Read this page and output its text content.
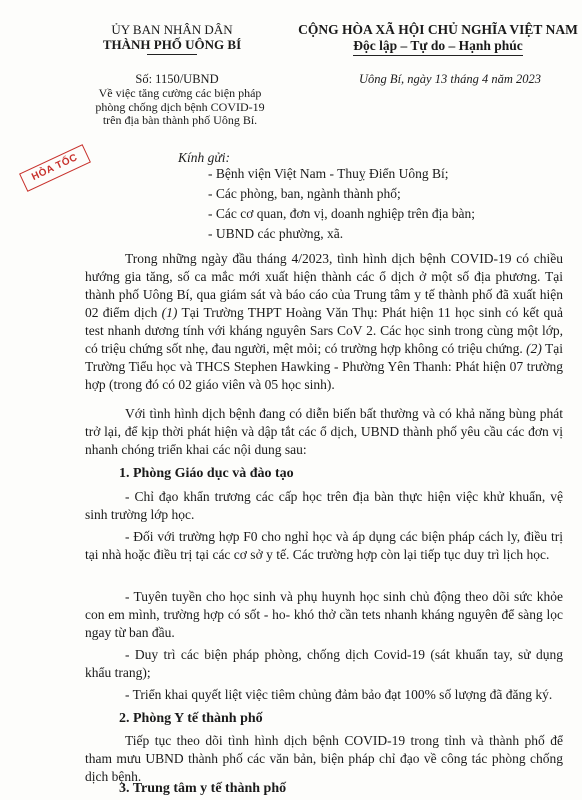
ỦY BAN NHÂN DÂN
THÀNH PHỐ UÔNG BÍ
CỘNG HÒA XÃ HỘI CHỦ NGHĨA VIỆT NAM
Độc lập – Tự do – Hạnh phúc
Số: 1150/UBND
Về việc tăng cường các biện pháp
phòng chống dịch bệnh COVID-19
trên địa bàn thành phố Uông Bí.
Uông Bí, ngày 13 tháng 4 năm 2023
HỎA TỐC	Kính gửi:
- Bệnh viện Việt Nam - Thuỵ Điển Uông Bí;
- Các phòng, ban, ngành thành phố;
- Các cơ quan, đơn vị, doanh nghiệp trên địa bàn;
- UBND các phường, xã.
Trong những ngày đầu tháng 4/2023, tình hình dịch bệnh COVID-19 có chiều hướng gia tăng, số ca mắc mới xuất hiện thành các ổ dịch ở một số địa phương. Tại thành phố Uông Bí, qua giám sát và báo cáo của Trung tâm y tế thành phố đã xuất hiện 02 điểm dịch (1) Tại Trường THPT Hoàng Văn Thụ: Phát hiện 11 học sinh có kết quả test nhanh dương tính với kháng nguyên Sars CoV 2. Các học sinh trong cùng một lớp, có triệu chứng sốt nhẹ, đau người, mệt mỏi; có trường hợp không có triệu chứng. (2) Tại Trường Tiểu học và THCS Stephen Hawking - Phường Yên Thanh: Phát hiện 07 trường hợp (trong đó có 02 giáo viên và 05 học sinh).
Với tình hình dịch bệnh đang có diễn biến bất thường và có khả năng bùng phát trở lại, để kịp thời phát hiện và dập tắt các ổ dịch, UBND thành phố yêu cầu các đơn vị nhanh chóng triển khai các nội dung sau:
1. Phòng Giáo dục và đào tạo
- Chỉ đạo khẩn trương các cấp học trên địa bàn thực hiện việc khử khuẩn, vệ sinh trường lớp học.
- Đối với trường hợp F0 cho nghỉ học và áp dụng các biện pháp cách ly, điều trị tại nhà hoặc điều trị tại các cơ sở y tế. Các trường hợp còn lại tiếp tục duy trì lịch học.
- Tuyên tuyền cho học sinh và phụ huynh học sinh chủ động theo dõi sức khỏe con em mình, trường hợp có sốt - ho- khó thở cần tets nhanh kháng nguyên để sàng lọc ngay từ ban đầu.
- Duy trì các biện pháp phòng, chống dịch Covid-19 (sát khuẩn tay, sử dụng khẩu trang);
- Triển khai quyết liệt việc tiêm chủng đảm bảo đạt 100% số lượng đã đăng ký.
2. Phòng Y tế thành phố
Tiếp tục theo dõi tình hình dịch bệnh COVID-19 trong tỉnh và thành phố để tham mưu UBND thành phố các văn bản, biện pháp chỉ đạo về công tác phòng chống dịch bệnh.
3. Trung tâm y tế thành phố
